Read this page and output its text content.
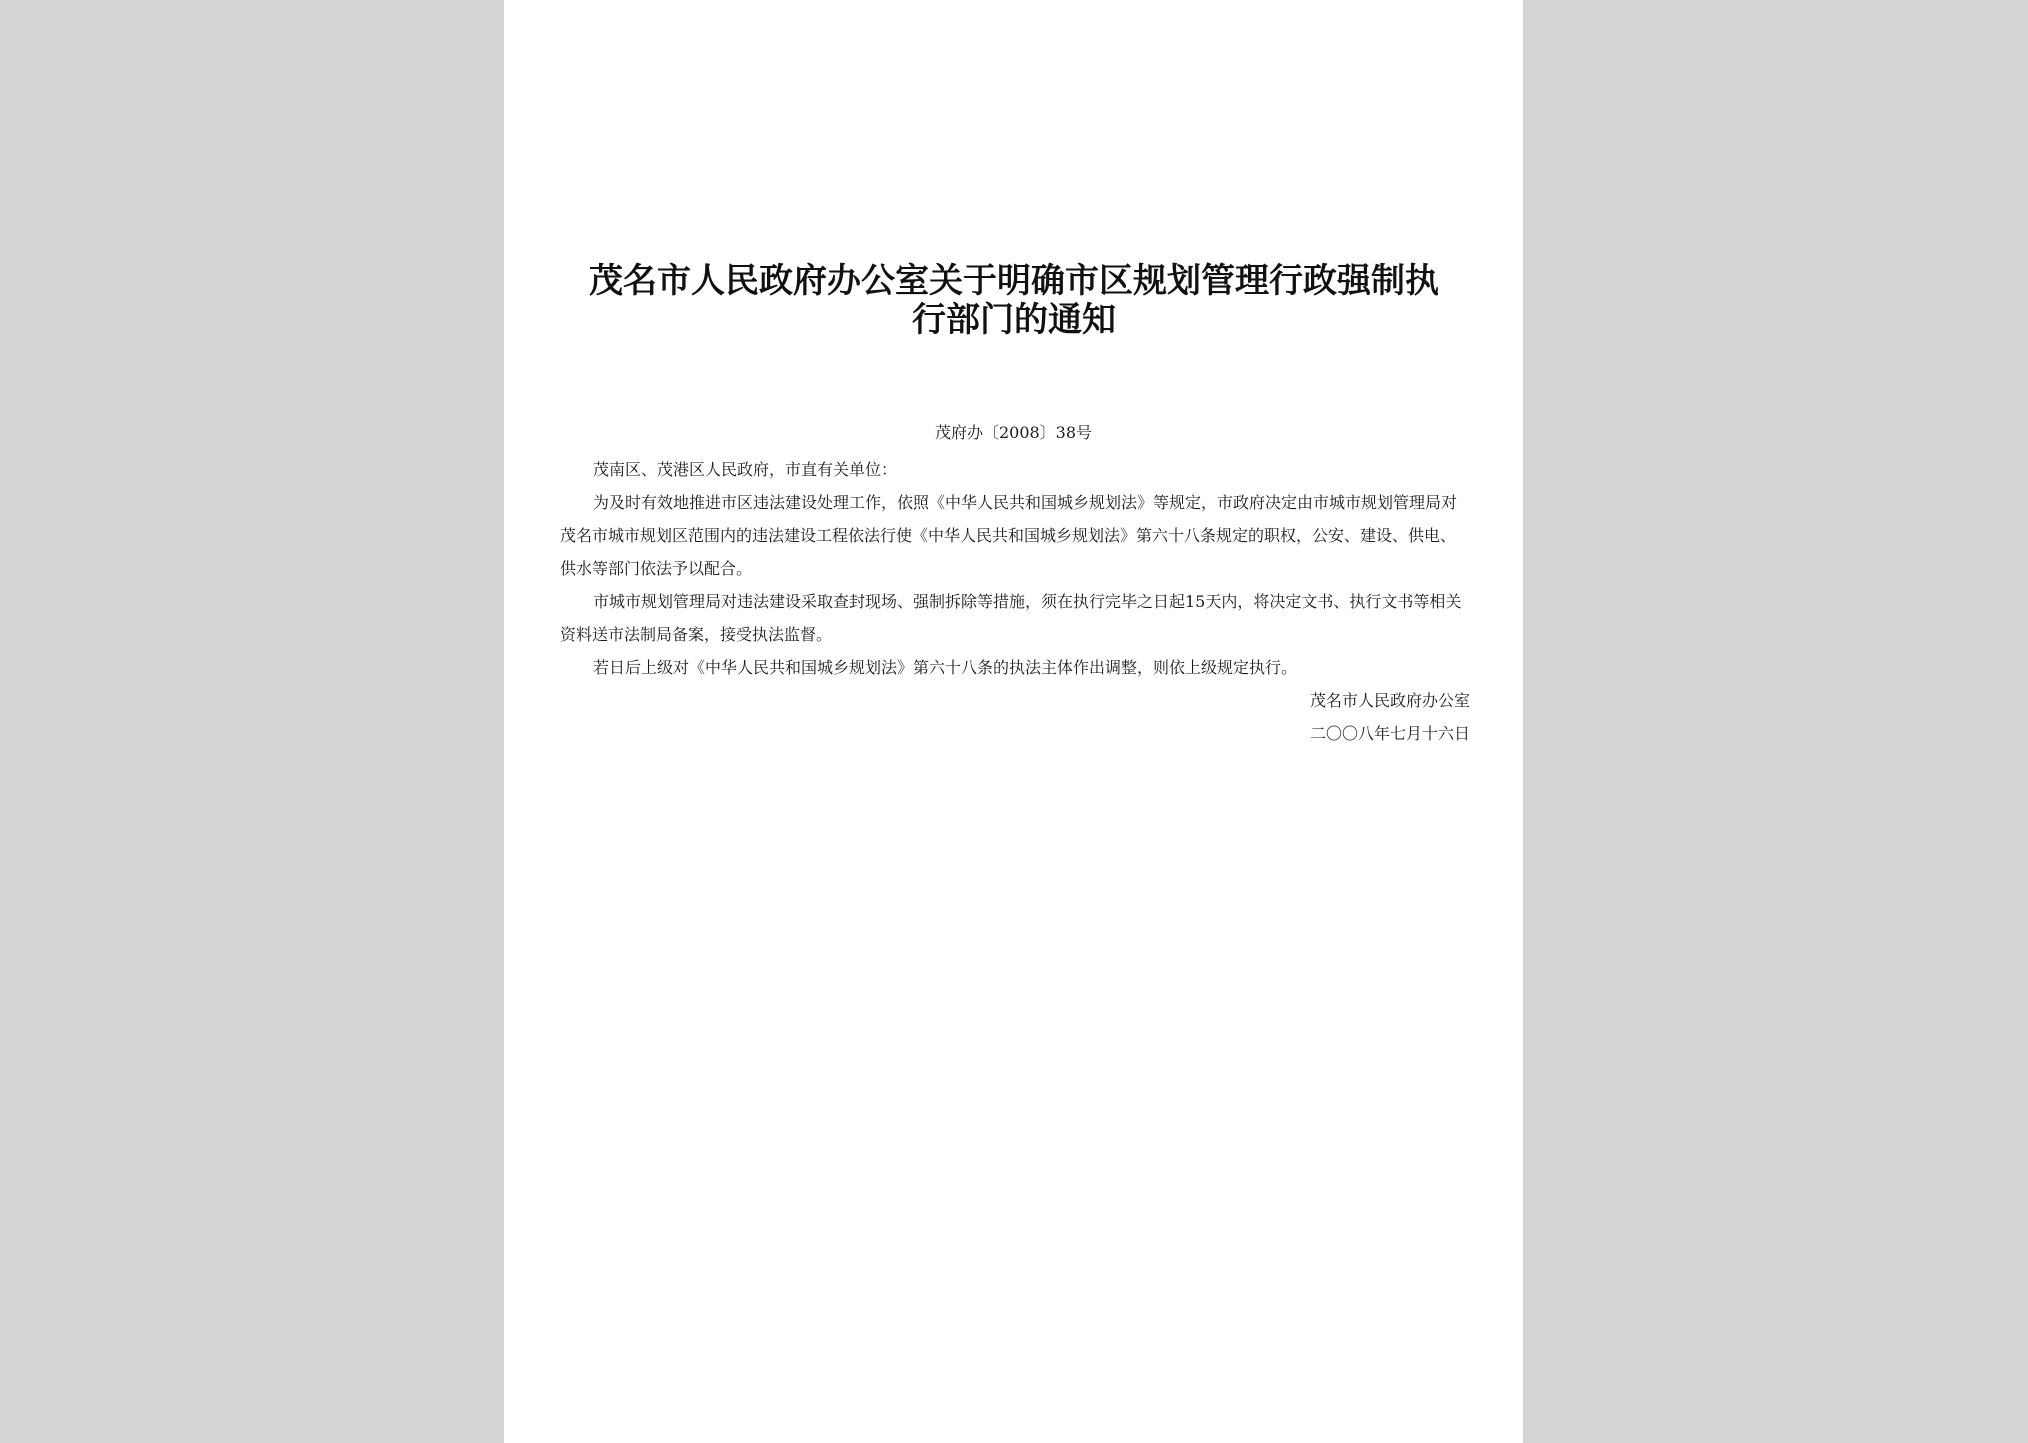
茂名市人民政府办公室关于明确市区规划管理行政强制执行部门的通知

茂府办〔2008〕38号

茂南区、茂港区人民政府，市直有关单位：

为及时有效地推进市区违法建设处理工作，依照《中华人民共和国城乡规划法》等规定，市政府决定由市城市规划管理局对茂名市城市规划区范围内的违法建设工程依法行使《中华人民共和国城乡规划法》第六十八条规定的职权，公安、建设、供电、供水等部门依法予以配合。

市城市规划管理局对违法建设采取查封现场、强制拆除等措施，须在执行完毕之日起15天内，将决定文书、执行文书等相关资料送市法制局备案，接受执法监督。

若日后上级对《中华人民共和国城乡规划法》第六十八条的执法主体作出调整，则依上级规定执行。

茂名市人民政府办公室

二〇〇八年七月十六日
